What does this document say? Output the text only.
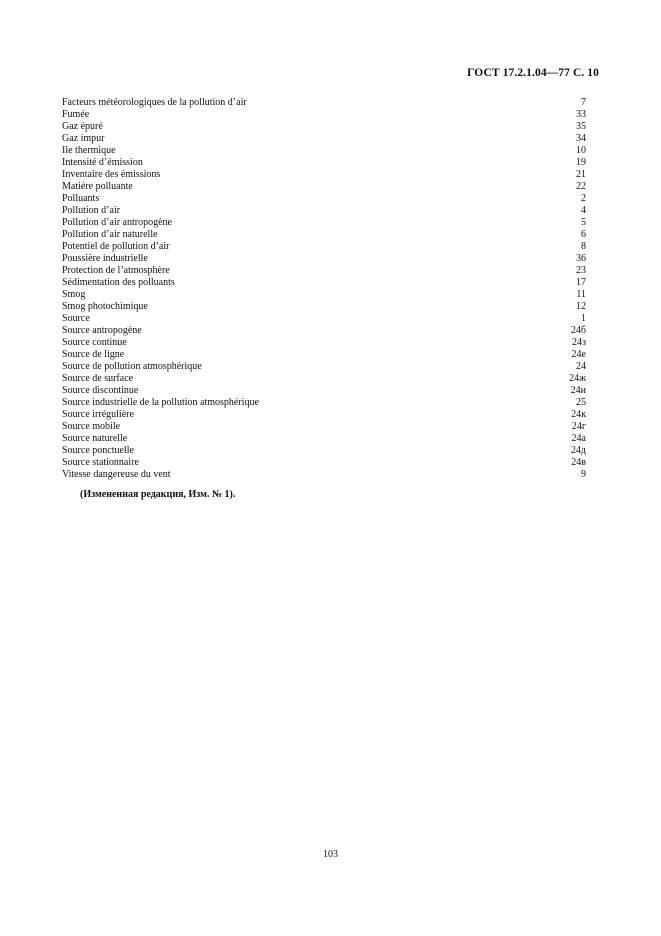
ГОСТ 17.2.1.04—77 С. 10
Facteurs météorologiques de la pollution d’air	7
Fumée	33
Gaz épuré	35
Gaz impur	34
Ile thermique	10
Intensité d’émission	19
Inventaire des émissions	21
Matiére polluante	22
Polluants	2
Pollution d’air	4
Pollution d’air antropogène	5
Pollution d’air naturelle	6
Potentiel de pollution d’air	8
Poussière industrielle	36
Protection de l’atmosphère	23
Sédimentation des polluants	17
Smog	11
Smog photochimique	12
Source	1
Source antropogène	24б
Source continue	24з
Source de ligne	24е
Source de pollution atmosphérique	24
Source de surface	24ж
Source discontinue	24и
Source industrielle de la pollution atmosphérique	25
Source irrégulière	24к
Source mobile	24г
Source naturelle	24а
Source ponctuelle	24д
Source stationnaire	24в
Vitesse dangereuse du vent	9
(Измененная редакция, Изм. № 1).
103
